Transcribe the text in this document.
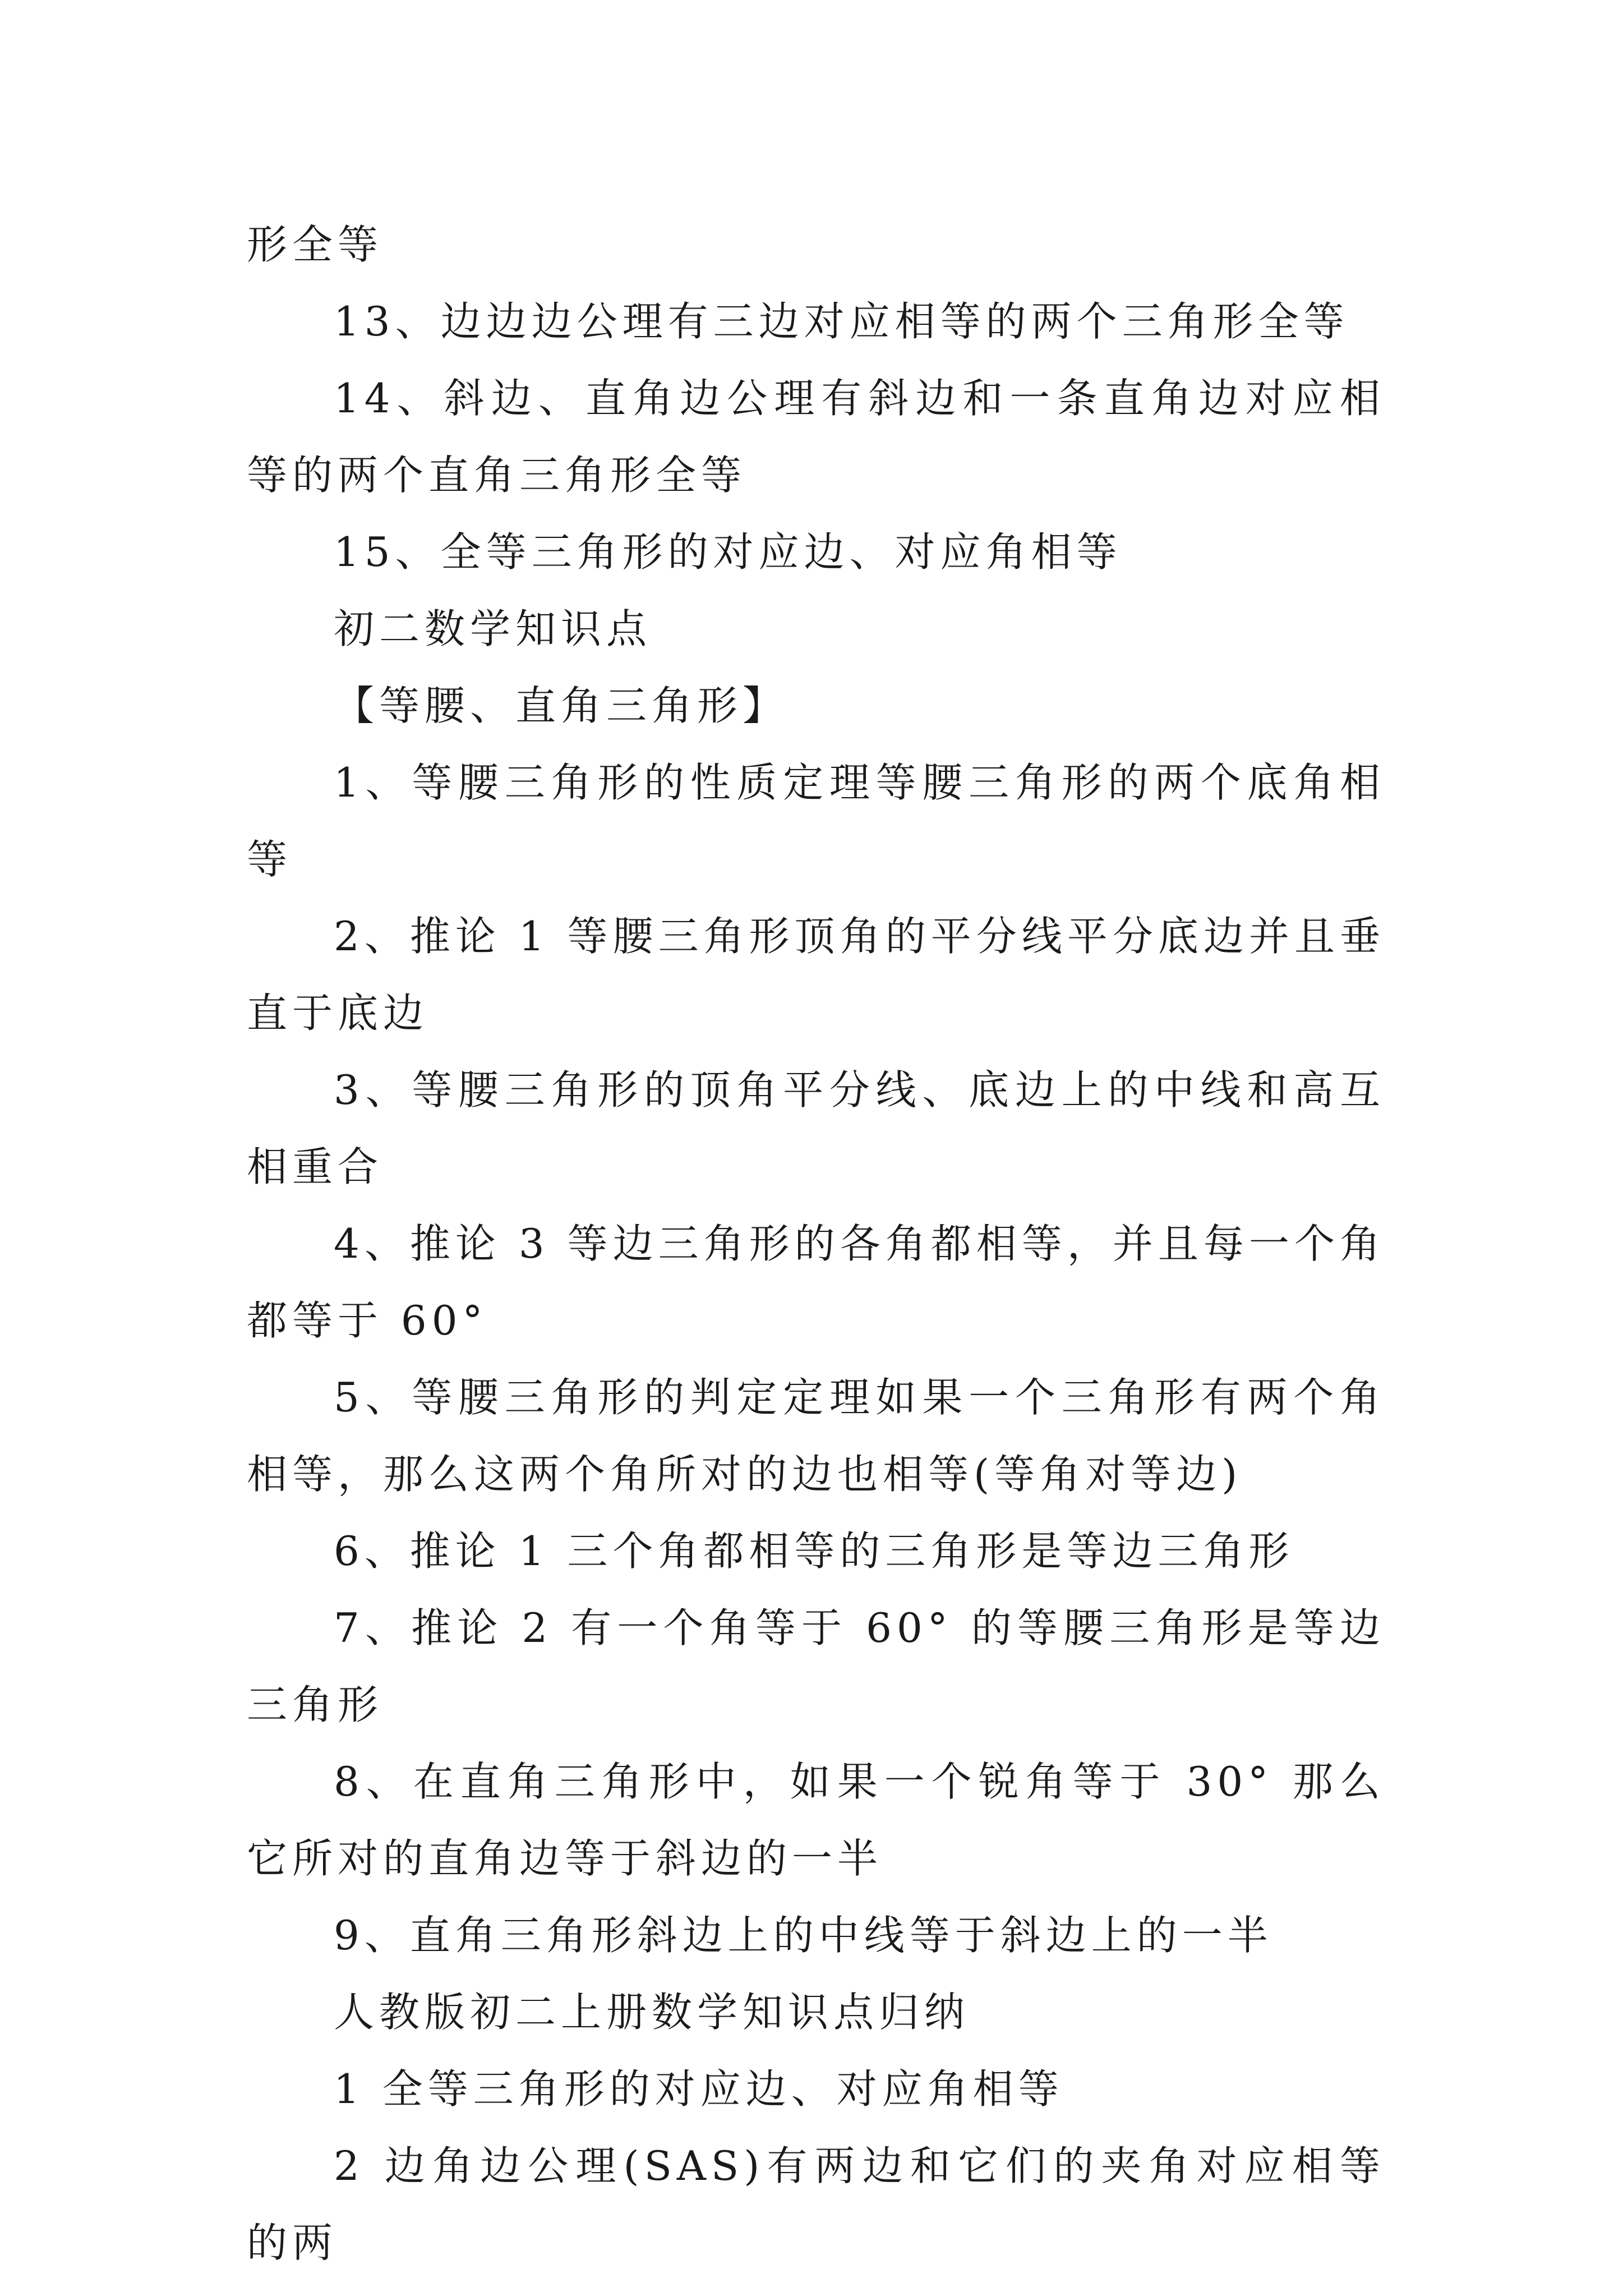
形全等

13、边边边公理有三边对应相等的两个三角形全等

14、斜边、直角边公理有斜边和一条直角边对应相等的两个直角三角形全等

15、全等三角形的对应边、对应角相等

初二数学知识点

【等腰、直角三角形】

1、等腰三角形的性质定理等腰三角形的两个底角相等

2、推论 1 等腰三角形顶角的平分线平分底边并且垂直于底边

3、等腰三角形的顶角平分线、底边上的中线和高互相重合

4、推论 3 等边三角形的各角都相等，并且每一个角都等于 60°

5、等腰三角形的判定定理如果一个三角形有两个角相等，那么这两个角所对的边也相等(等角对等边)

6、推论 1 三个角都相等的三角形是等边三角形

7、推论 2 有一个角等于 60° 的等腰三角形是等边三角形

8、在直角三角形中，如果一个锐角等于 30° 那么它所对的直角边等于斜边的一半

9、直角三角形斜边上的中线等于斜边上的一半

人教版初二上册数学知识点归纳

1 全等三角形的对应边、对应角相等

2 边角边公理(SAS)有两边和它们的夹角对应相等的两
